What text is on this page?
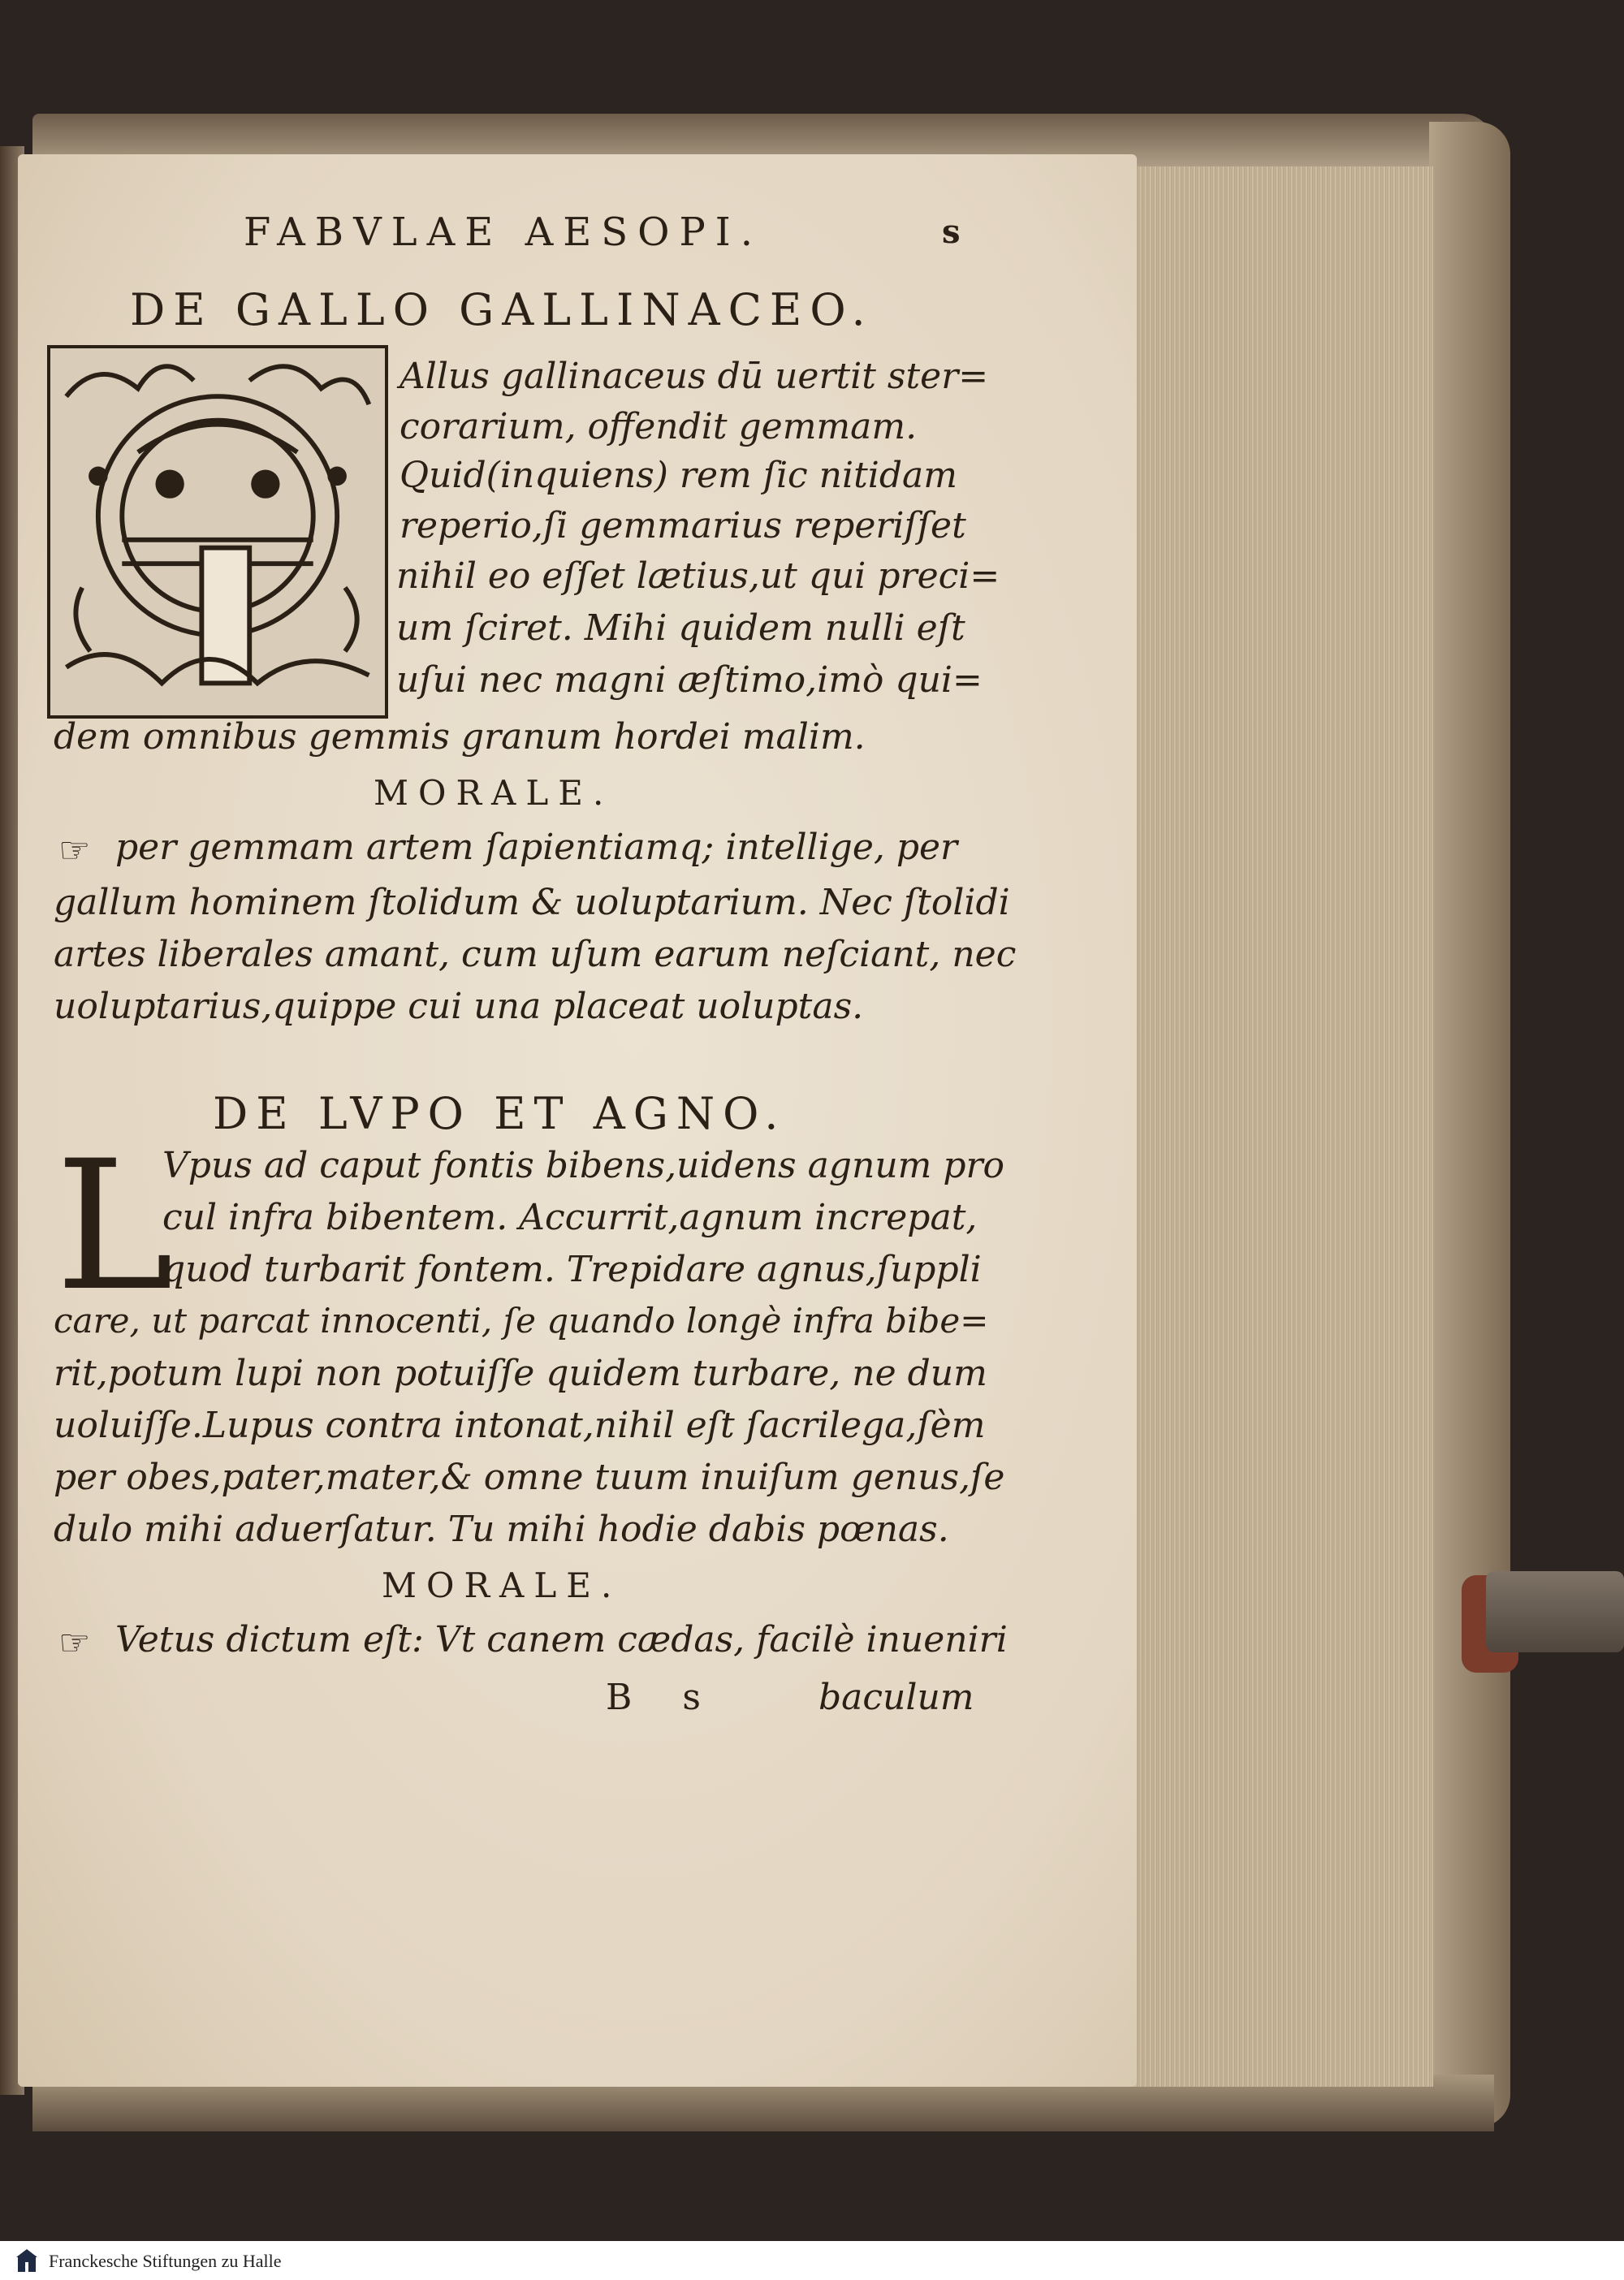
FABVLAE AESOPI.	s
DE GALLO GALLINACEO.
Allus gallinaceus dū uertit ster=
corarium, offendit gemmam.
Quid(inquiens) rem ſic nitidam
reperio,ſi gemmarius reperiſſet
nihil eo eſſet lætius,ut qui preci=
um ſciret. Mihi quidem nulli eſt
uſui nec magni æſtimo,imò qui=
dem omnibus gemmis granum hordei malim.
MORALE.
☞ per gemmam artem ſapientiamq; intellige, per
gallum hominem ſtolidum & uoluptarium. Nec ſtolidi
artes liberales amant, cum uſum earum neſciant, nec
uoluptarius,quippe cui una placeat uoluptas.
DE LVPO ET AGNO.
L
Vpus ad caput fontis bibens,uidens agnum pro
cul infra bibentem. Accurrit,agnum increpat,
quod turbarit fontem. Trepidare agnus,ſuppli
care, ut parcat innocenti, ſe quando longè infra bibe=
rit,potum lupi non potuiſſe quidem turbare, ne dum
uoluiſſe.Lupus contra intonat,nihil eſt ſacrilega,ſèm
per obes,pater,mater,& omne tuum inuiſum genus,ſe
dulo mihi aduerſatur. Tu mihi hodie dabis pœnas.
MORALE.
☞ Vetus dictum eſt: Vt canem cædas, facilè inueniri
B s	baculum
Franckesche Stiftungen zu Halle
